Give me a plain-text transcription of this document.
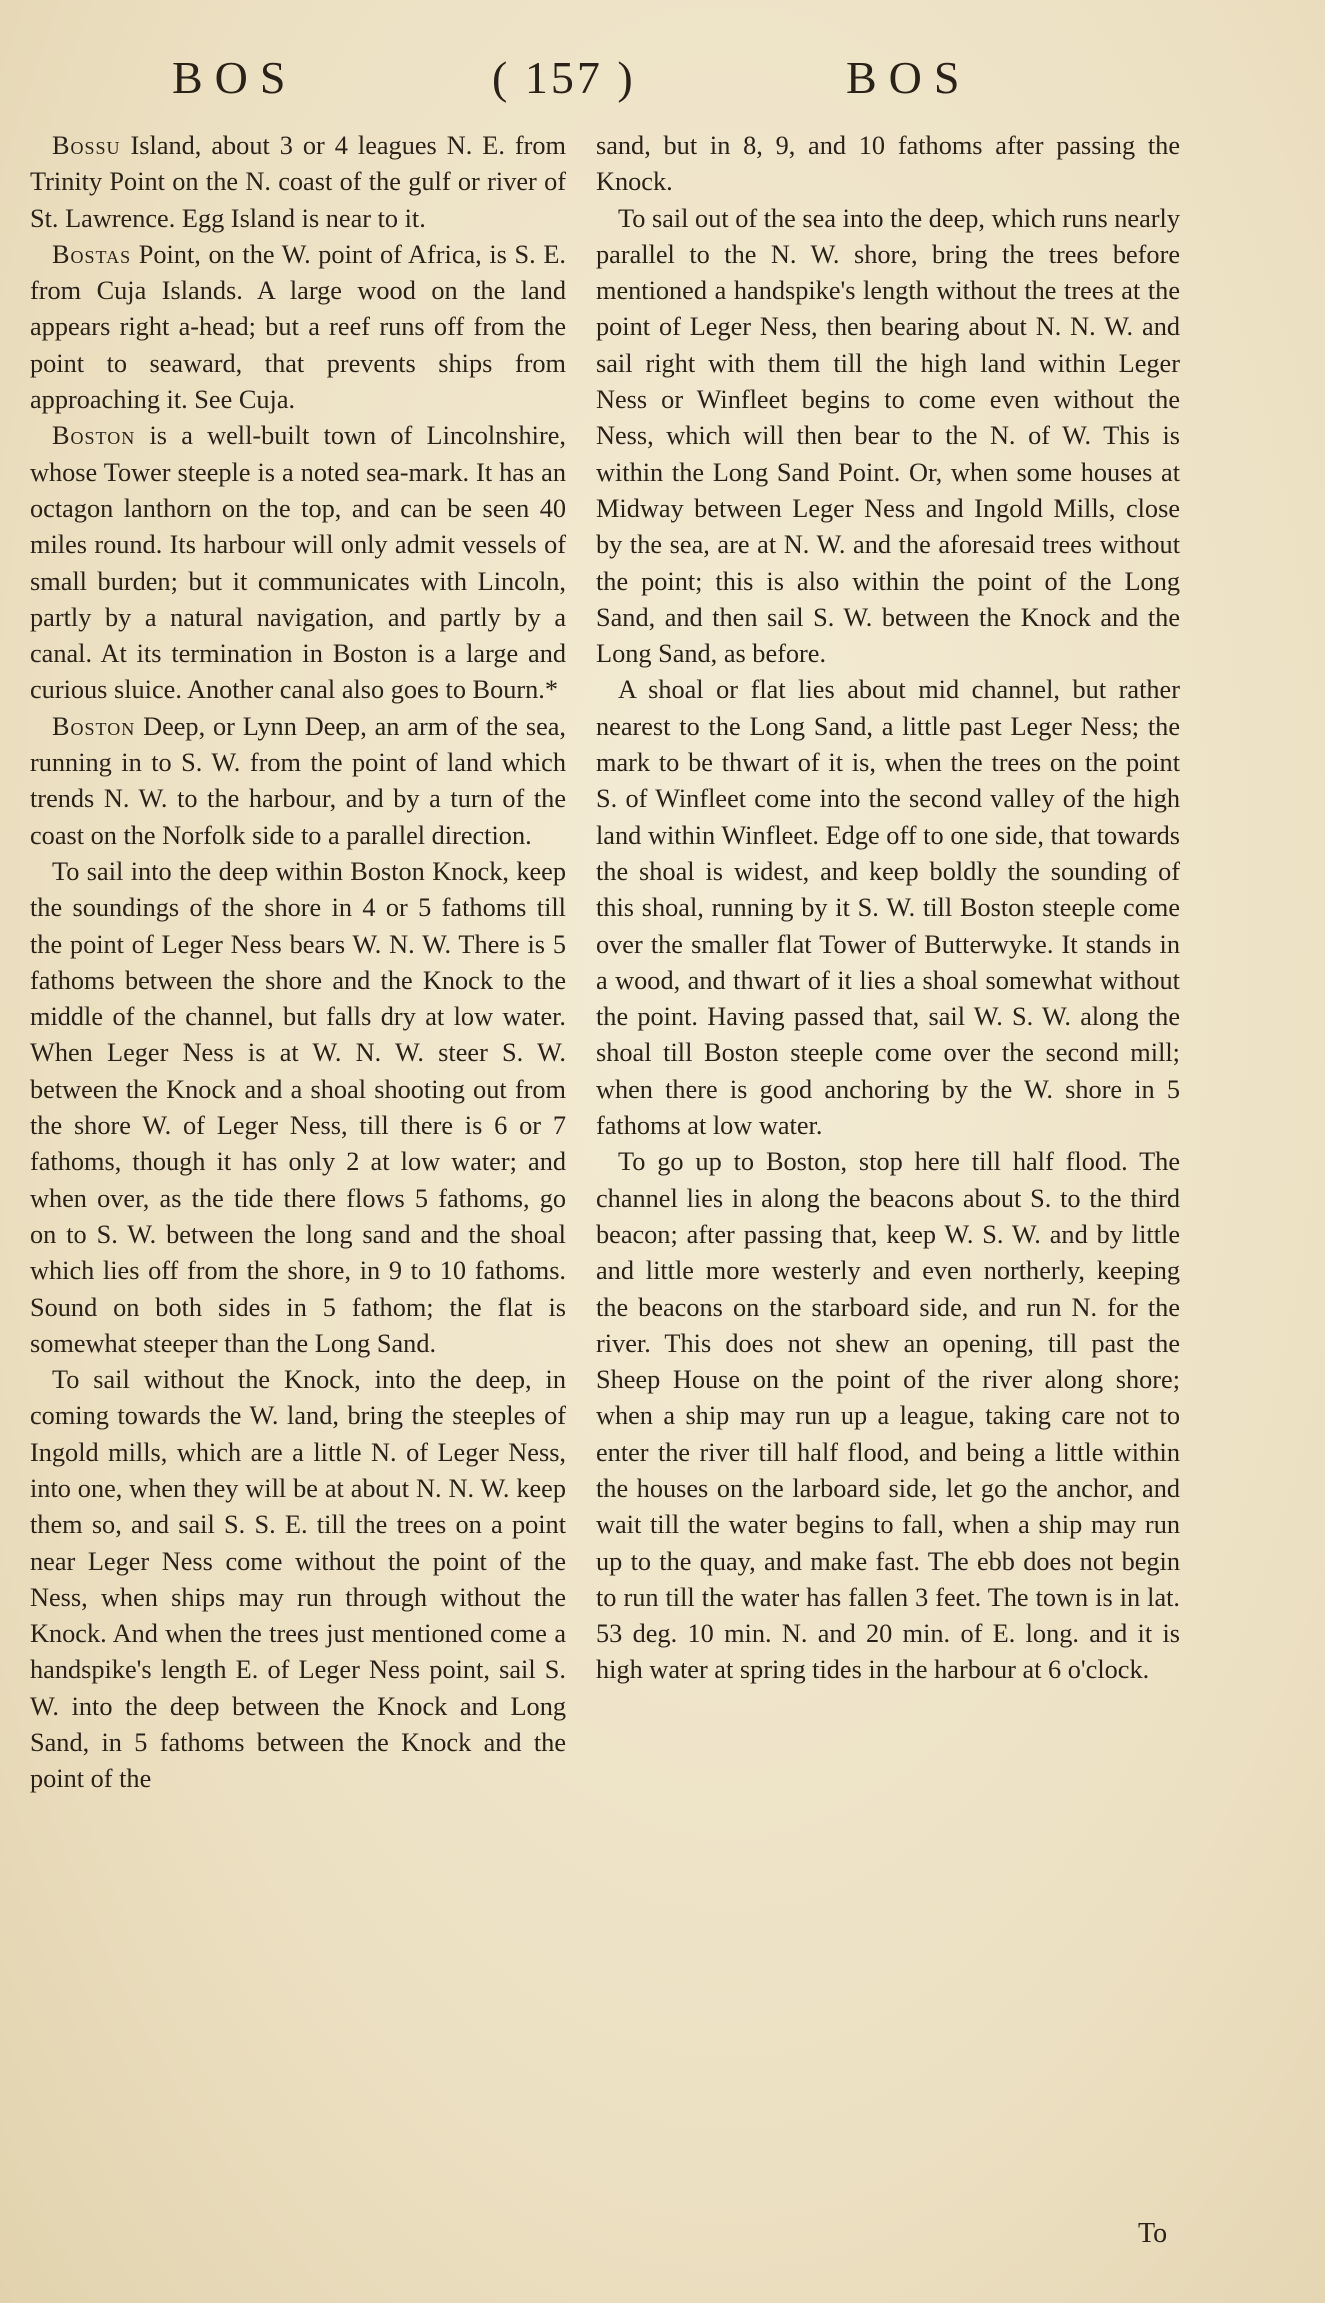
BOS	( 157 )	BOS

Bossu Island, about 3 or 4 leagues N. E. from Trinity Point on the N. coast of the gulf or river of St. Lawrence. Egg Island is near to it.

Bostas Point, on the W. point of Africa, is S. E. from Cuja Islands. A large wood on the land appears right a-head; but a reef runs off from the point to seaward, that prevents ships from approaching it. See Cuja.

Boston is a well-built town of Lincolnshire, whose Tower steeple is a noted sea-mark. It has an octagon lanthorn on the top, and can be seen 40 miles round. Its harbour will only admit vessels of small burden; but it communicates with Lincoln, partly by a natural navigation, and partly by a canal. At its termination in Boston is a large and curious sluice. Another canal also goes to Bourn.*

Boston Deep, or Lynn Deep, an arm of the sea, running in to S. W. from the point of land which trends N. W. to the harbour, and by a turn of the coast on the Norfolk side to a parallel direction.

To sail into the deep within Boston Knock, keep the soundings of the shore in 4 or 5 fathoms till the point of Leger Ness bears W. N. W. There is 5 fathoms between the shore and the Knock to the middle of the channel, but falls dry at low water. When Leger Ness is at W. N. W. steer S. W. between the Knock and a shoal shooting out from the shore W. of Leger Ness, till there is 6 or 7 fathoms, though it has only 2 at low water; and when over, as the tide there flows 5 fathoms, go on to S. W. between the long sand and the shoal which lies off from the shore, in 9 to 10 fathoms. Sound on both sides in 5 fathom; the flat is somewhat steeper than the Long Sand.

To sail without the Knock, into the deep, in coming towards the W. land, bring the steeples of Ingold mills, which are a little N. of Leger Ness, into one, when they will be at about N. N. W. keep them so, and sail S. S. E. till the trees on a point near Leger Ness come without the point of the Ness, when ships may run through without the Knock. And when the trees just mentioned come a handspike's length E. of Leger Ness point, sail S. W. into the deep between the Knock and Long Sand, in 5 fathoms between the Knock and the point of the

sand, but in 8, 9, and 10 fathoms after passing the Knock.

To sail out of the sea into the deep, which runs nearly parallel to the N. W. shore, bring the trees before mentioned a handspike's length without the trees at the point of Leger Ness, then bearing about N. N. W. and sail right with them till the high land within Leger Ness or Winfleet begins to come even without the Ness, which will then bear to the N. of W. This is within the Long Sand Point. Or, when some houses at Midway between Leger Ness and Ingold Mills, close by the sea, are at N. W. and the aforesaid trees without the point; this is also within the point of the Long Sand, and then sail S. W. between the Knock and the Long Sand, as before.

A shoal or flat lies about mid channel, but rather nearest to the Long Sand, a little past Leger Ness; the mark to be thwart of it is, when the trees on the point S. of Winfleet come into the second valley of the high land within Winfleet. Edge off to one side, that towards the shoal is widest, and keep boldly the sounding of this shoal, running by it S. W. till Boston steeple come over the smaller flat Tower of Butterwyke. It stands in a wood, and thwart of it lies a shoal somewhat without the point. Having passed that, sail W. S. W. along the shoal till Boston steeple come over the second mill; when there is good anchoring by the W. shore in 5 fathoms at low water.

To go up to Boston, stop here till half flood. The channel lies in along the beacons about S. to the third beacon; after passing that, keep W. S. W. and by little and little more westerly and even northerly, keeping the beacons on the starboard side, and run N. for the river. This does not shew an opening, till past the Sheep House on the point of the river along shore; when a ship may run up a league, taking care not to enter the river till half flood, and being a little within the houses on the larboard side, let go the anchor, and wait till the water begins to fall, when a ship may run up to the quay, and make fast. The ebb does not begin to run till the water has fallen 3 feet. The town is in lat. 53 deg. 10 min. N. and 20 min. of E. long. and it is high water at spring tides in the harbour at 6 o'clock.

To
